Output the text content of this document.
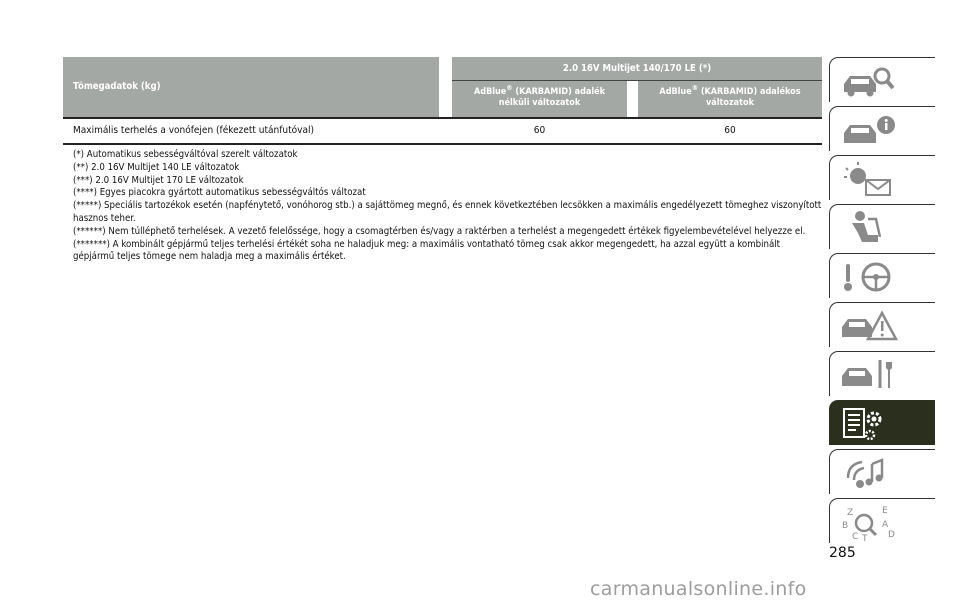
Tömegadatok (kg)
2.0 16V Multijet 140/170 LE (*)
AdBlue® (KARBAMID) adalék
nélküli változatok
AdBlue® (KARBAMID) adalékos
változatok
Maximális terhelés a vonófejen (fékezett utánfutóval)	60	60
(*) Automatikus sebességváltóval szerelt változatok
(**) 2.0 16V Multijet 140 LE változatok
(***) 2.0 16V Multijet 170 LE változatok
(****) Egyes piacokra gyártott automatikus sebességváltós változat
(*****) Speciális tartozékok esetén (napfénytető, vonóhorog stb.) a sajáttömeg megnő, és ennek következtében lecsökken a maximális engedélyezett tömeghez viszonyított hasznos teher.
(******) Nem túlléphető terhelések. A vezető felelőssége, hogy a csomagtérben és/vagy a raktérben a terhelést a megengedett értékek figyelembevételével helyezze el.
(*******) A kombinált gépjármű teljes terhelési értékét soha ne haladjuk meg: a maximális vontatható tömeg csak akkor megengedett, ha azzal együtt a kombinált gépjármű teljes tömege nem haladja meg a maximális értéket.
Z	E
B
C T
A
D
285
carmanualsonline.info
